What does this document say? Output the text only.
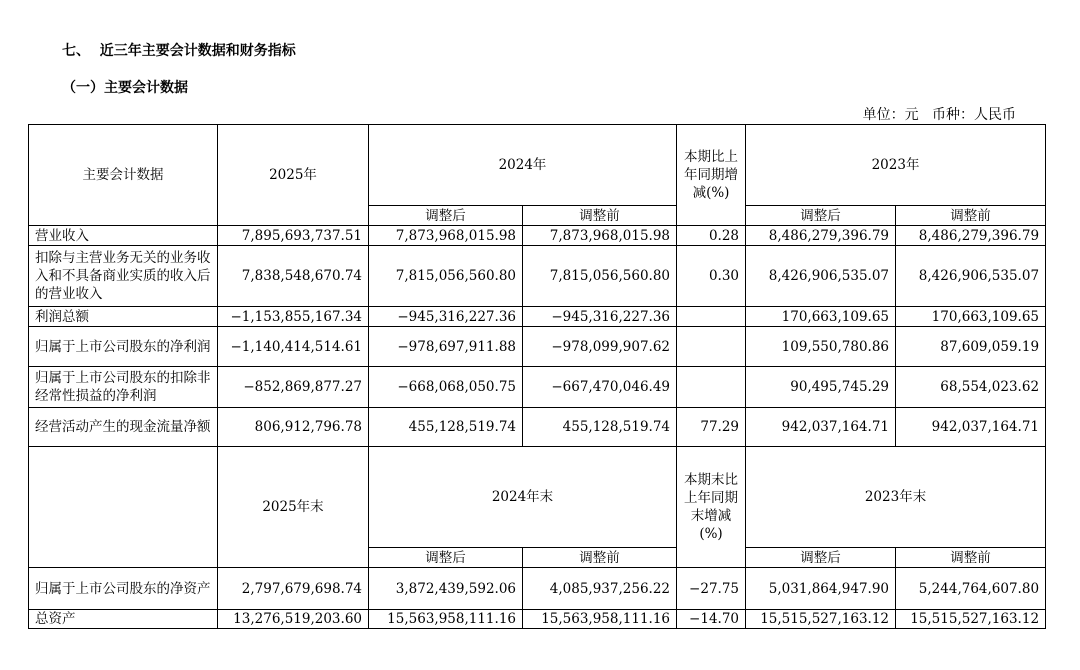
七、  近三年主要会计数据和财务指标
（一）主要会计数据
单位：元   币种：人民币
主要会计数据	2025年	2024年		本期比上年同期增减(%)	2023年	
		调整后	调整前		调整后	调整前
营业收入	7,895,693,737.51	7,873,968,015.98	7,873,968,015.98	0.28	8,486,279,396.79	8,486,279,396.79
扣除与主营业务无关的业务收入和不具备商业实质的收入后的营业收入	7,838,548,670.74	7,815,056,560.80	7,815,056,560.80	0.30	8,426,906,535.07	8,426,906,535.07
利润总额	−1,153,855,167.34	−945,316,227.36	−945,316,227.36		170,663,109.65	170,663,109.65
归属于上市公司股东的净利润	−1,140,414,514.61	−978,697,911.88	−978,099,907.62		109,550,780.86	87,609,059.19
归属于上市公司股东的扣除非经常性损益的净利润	−852,869,877.27	−668,068,050.75	−667,470,046.49		90,495,745.29	68,554,023.62
经营活动产生的现金流量净额	806,912,796.78	455,128,519.74	455,128,519.74	77.29	942,037,164.71	942,037,164.71
	2025年末	2024年末		本期末比上年同期末增减(%)	2023年末	
		调整后	调整前		调整后	调整前
归属于上市公司股东的净资产	2,797,679,698.74	3,872,439,592.06	4,085,937,256.22	−27.75	5,031,864,947.90	5,244,764,607.80
总资产	13,276,519,203.60	15,563,958,111.16	15,563,958,111.16	−14.70	15,515,527,163.12	15,515,527,163.12
